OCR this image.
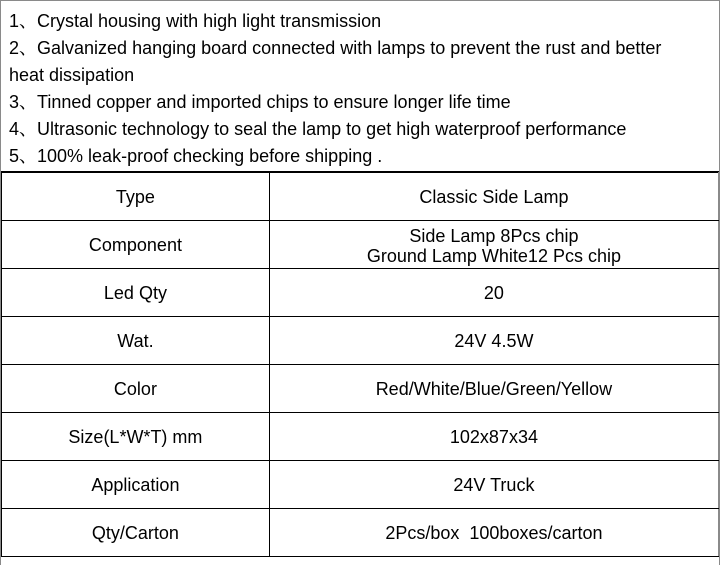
1、Crystal housing with high light transmission
2、Galvanized hanging board connected with lamps to prevent the rust and better
heat dissipation
3、Tinned copper and imported chips to ensure longer life time
4、Ultrasonic technology to seal the lamp to get high waterproof performance
5、100% leak-proof checking before shipping .
Type	Classic Side Lamp
Component	Side Lamp 8Pcs chip
Ground Lamp White12 Pcs chip

Led Qty	20
Wat.	24V 4.5W
Color	Red/White/Blue/Green/Yellow
Size(L*W*T) mm	102x87x34
Application	24V Truck
Qty/Carton	2Pcs/box  100boxes/carton
